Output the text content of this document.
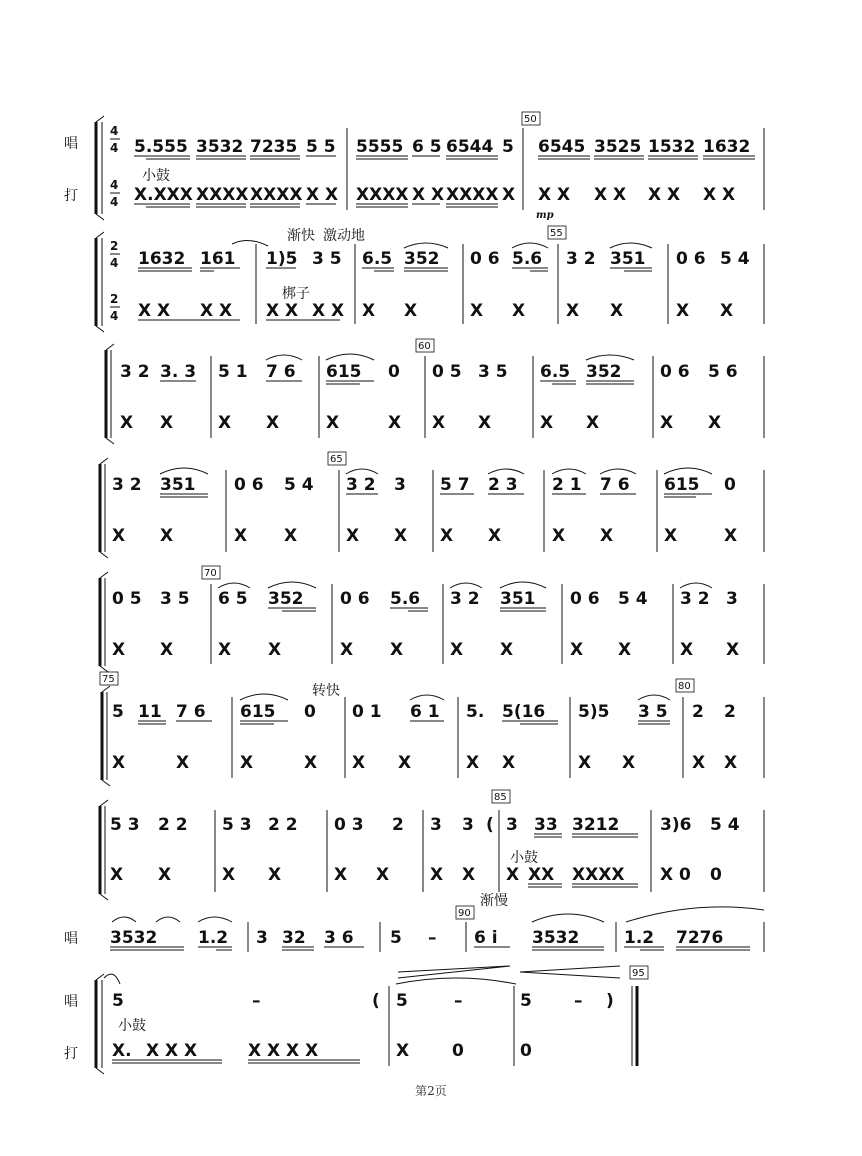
唱
打
4
4
4
4
5.555 3532 7235 5 5 5555 6 5 6544 5
50
6545 3525 1532 1632
小鼓
X.XXX XXXX XXXX X X XXXX X X XXXX X X X X X X X X X
mp
2
4
2
4
渐快 激动地
1632 161 1)5 3 5 6.5 352 0 6 5.6
55
3 2 351 0 6 5 4
梆子
X X X X X X X X X X	X X X X	X X
3 2 3. 3 5 1 7 6 615 0
60
0 5 3 5 6.5 352 0 6 5 6
X X	X X	X	X X X	X X	X X
3 2 351 0 6 5 4
65
3 2 3 5 7 2 3 2 1 7 6 615 0
X X	X X	X X X X	X X	X	X
0 5 3 5
70
6 5 352 0 6 5.6 3 2 351 0 6 5 4 3 2 3
X X	X X	X X	X X	X X	X X
75
转快
5 11 7 6 615 0 0 1 6 1 5. 5(16 5)5 3 5
80
2 2
X	X	X	X X X	X X	X X	X X
5 3 2 2 5 3 2 2 0 3 2 3 3 (
85
3 33 3212 3)6 5 4
小鼓
X X	X X	X X X X X XX XXXX X 0 0
唱
渐慢
90
3532 1.2 3 32 3 6 5 – 6 i 3532	1.2 7276
唱
打
5	–	( 5	–	5 – )
95
小鼓
X. X X X	X X X X	X	0	0
第2页
